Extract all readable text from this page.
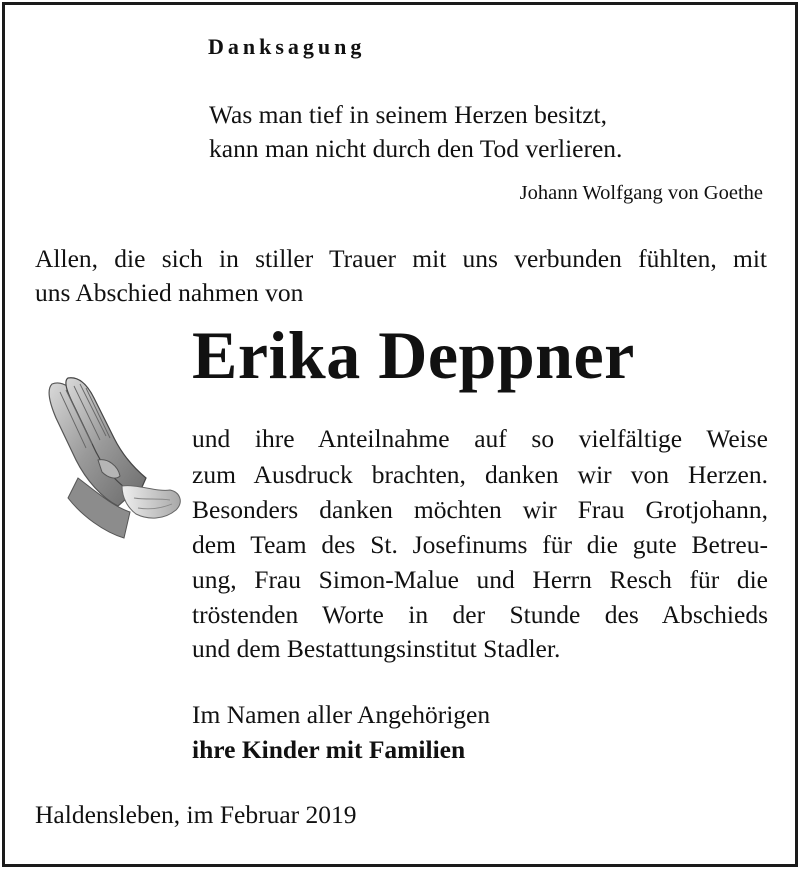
Danksagung
Was man tief in seinem Herzen besitzt,
kann man nicht durch den Tod verlieren.
Johann Wolfgang von Goethe
Allen, die sich in stiller Trauer mit uns verbunden fühlten, mit
uns Abschied nahmen von
Erika Deppner
und ihre Anteilnahme auf so vielfältige Weise
zum Ausdruck brachten, danken wir von Herzen.
Besonders danken möchten wir Frau Grotjohann,
dem Team des St. Josefinums für die gute Betreu-
ung, Frau Simon-Malue und Herrn Resch für die
tröstenden Worte in der Stunde des Abschieds
und dem Bestattungsinstitut Stadler.
Im Namen aller Angehörigen
ihre Kinder mit Familien
Haldensleben, im Februar 2019
